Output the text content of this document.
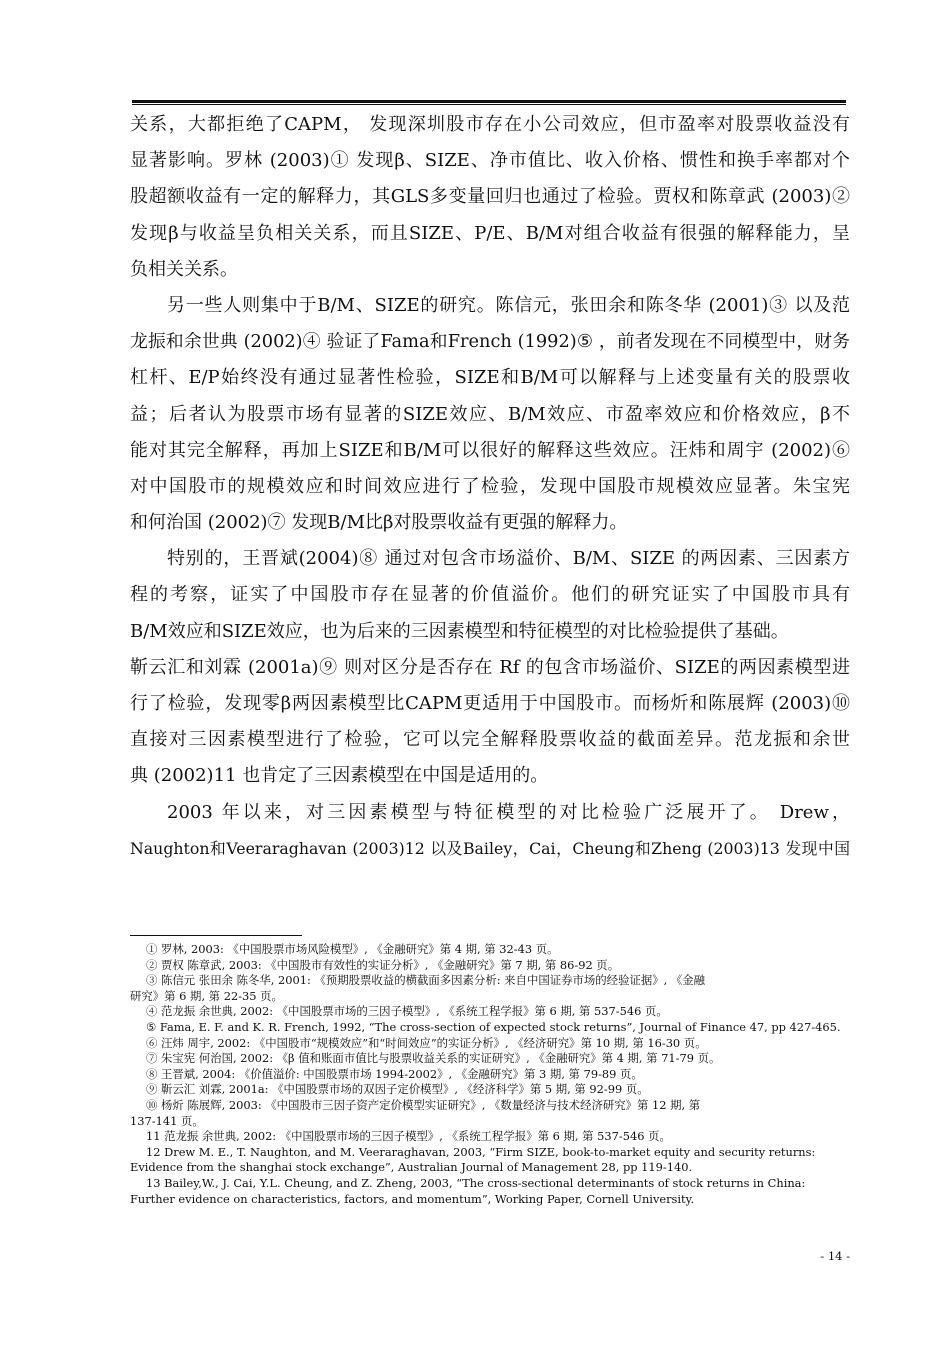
关系，大都拒绝了CAPM， 发现深圳股市存在小公司效应，但市盈率对股票收益没有
显著影响。罗林 (2003)① 发现β、SIZE、净市值比、收入价格、惯性和换手率都对个
股超额收益有一定的解释力，其GLS多变量回归也通过了检验。贾权和陈章武 (2003)②
发现β与收益呈负相关关系，而且SIZE、P/E、B/M对组合收益有很强的解释能力，呈
负相关关系。
另一些人则集中于B/M、SIZE的研究。陈信元，张田余和陈冬华 (2001)③ 以及范
龙振和余世典 (2002)④ 验证了Fama和French (1992)⑤ ，前者发现在不同模型中，财务
杠杆、E/P始终没有通过显著性检验，SIZE和B/M可以解释与上述变量有关的股票收
益；后者认为股票市场有显著的SIZE效应、B/M效应、市盈率效应和价格效应，β不
能对其完全解释，再加上SIZE和B/M可以很好的解释这些效应。汪炜和周宇 (2002)⑥
对中国股市的规模效应和时间效应进行了检验，发现中国股市规模效应显著。朱宝宪
和何治国 (2002)⑦ 发现B/M比β对股票收益有更强的解释力。
特别的，王晋斌(2004)⑧ 通过对包含市场溢价、B/M、SIZE 的两因素、三因素方
程的考察，证实了中国股市存在显著的价值溢价。他们的研究证实了中国股市具有
B/M效应和SIZE效应，也为后来的三因素模型和特征模型的对比检验提供了基础。
靳云汇和刘霖 (2001a)⑨ 则对区分是否存在 Rf 的包含市场溢价、SIZE的两因素模型进
行了检验，发现零β两因素模型比CAPM更适用于中国股市。而杨炘和陈展辉 (2003)⑩
直接对三因素模型进行了检验，它可以完全解释股票收益的截面差异。范龙振和余世
典 (2002)11 也肯定了三因素模型在中国是适用的。
2003 年以来，对三因素模型与特征模型的对比检验广泛展开了。 Drew，
Naughton和Veeraraghavan (2003)12 以及Bailey，Cai，Cheung和Zheng (2003)13 发现中国
① 罗林, 2003: 《中国股票市场风险模型》, 《金融研究》第 4 期, 第 32-43 页。
② 贾权 陈章武, 2003: 《中国股市有效性的实证分析》, 《金融研究》第 7 期, 第 86-92 页。
③ 陈信元 张田余 陈冬华, 2001: 《预期股票收益的横截面多因素分析: 来自中国证券市场的经验证据》, 《金融
研究》第 6 期, 第 22-35 页。
④ 范龙振 余世典, 2002: 《中国股票市场的三因子模型》, 《系统工程学报》第 6 期, 第 537-546 页。
⑤ Fama, E. F. and K. R. French, 1992, “The cross-section of expected stock returns”, Journal of Finance 47, pp 427-465.
⑥ 汪炜 周宇, 2002: 《中国股市“规模效应”和“时间效应”的实证分析》, 《经济研究》第 10 期, 第 16-30 页。
⑦ 朱宝宪 何治国, 2002: 《β 值和账面市值比与股票收益关系的实证研究》, 《金融研究》第 4 期, 第 71-79 页。
⑧ 王晋斌, 2004: 《价值溢价: 中国股票市场 1994-2002》, 《金融研究》第 3 期, 第 79-89 页。
⑨ 靳云汇 刘霖, 2001a: 《中国股票市场的双因子定价模型》, 《经济科学》第 5 期, 第 92-99 页。
⑩ 杨炘 陈展辉, 2003: 《中国股市三因子资产定价模型实证研究》, 《数量经济与技术经济研究》第 12 期, 第
137-141 页。
11 范龙振 余世典, 2002: 《中国股票市场的三因子模型》, 《系统工程学报》第 6 期, 第 537-546 页。
12 Drew M. E., T. Naughton, and M. Veeraraghavan, 2003, “Firm SIZE, book-to-market equity and security returns:
Evidence from the shanghai stock exchange”, Australian Journal of Management 28, pp 119-140.
13 Bailey,W., J. Cai, Y.L. Cheung, and Z. Zheng, 2003, “The cross-sectional determinants of stock returns in China:
Further evidence on characteristics, factors, and momentum”, Working Paper, Cornell University.
- 14 -
